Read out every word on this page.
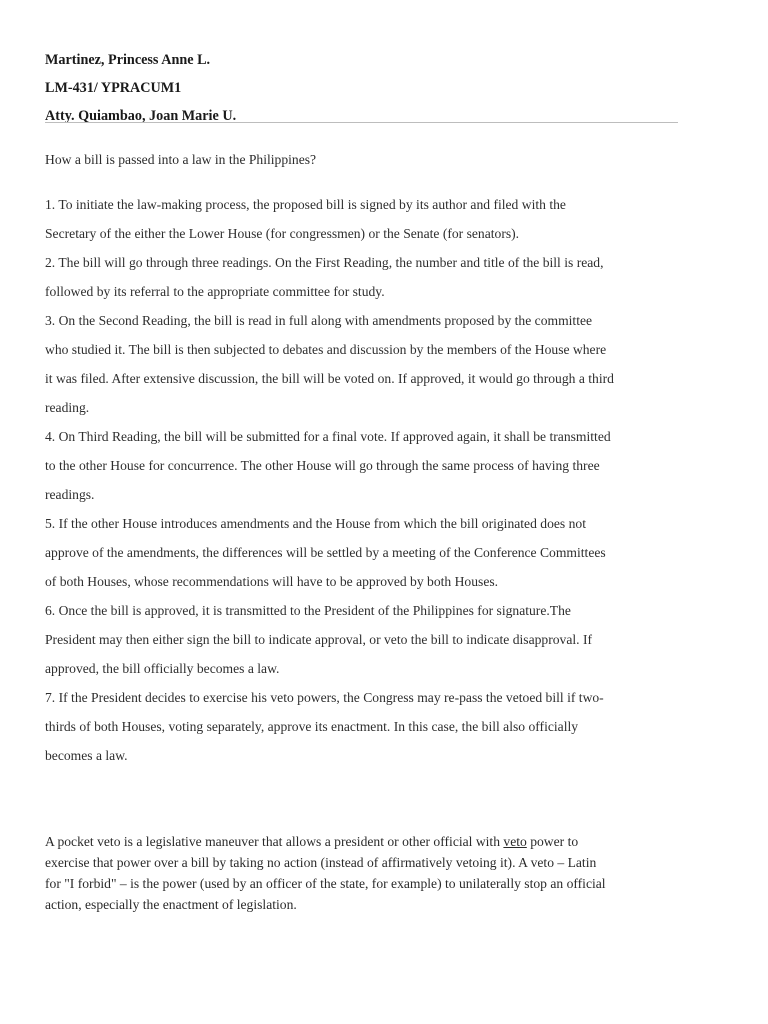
Martinez, Princess Anne L.
LM-431/ YPRACUM1
Atty. Quiambao, Joan Marie U.
How a bill is passed into a law in the Philippines?
1. To initiate the law-making process, the proposed bill is signed by its author and filed with the
Secretary of the either the Lower House (for congressmen) or the Senate (for senators).
2. The bill will go through three readings. On the First Reading, the number and title of the bill is read,
followed by its referral to the appropriate committee for study.
3. On the Second Reading, the bill is read in full along with amendments proposed by the committee
who studied it. The bill is then subjected to debates and discussion by the members of the House where
it was filed. After extensive discussion, the bill will be voted on. If approved, it would go through a third
reading.
4. On Third Reading, the bill will be submitted for a final vote. If approved again, it shall be transmitted
to the other House for concurrence. The other House will go through the same process of having three
readings.
5. If the other House introduces amendments and the House from which the bill originated does not
approve of the amendments, the differences will be settled by a meeting of the Conference Committees
of both Houses, whose recommendations will have to be approved by both Houses.
6. Once the bill is approved, it is transmitted to the President of the Philippines for signature.The
President may then either sign the bill to indicate approval, or veto the bill to indicate disapproval. If
approved, the bill officially becomes a law.
7. If the President decides to exercise his veto powers, the Congress may re-pass the vetoed bill if two-
thirds of both Houses, voting separately, approve its enactment. In this case, the bill also officially
becomes a law.
A pocket veto is a legislative maneuver that allows a president or other official with veto power to
exercise that power over a bill by taking no action (instead of affirmatively vetoing it). A veto – Latin
for "I forbid" – is the power (used by an officer of the state, for example) to unilaterally stop an official
action, especially the enactment of legislation.
